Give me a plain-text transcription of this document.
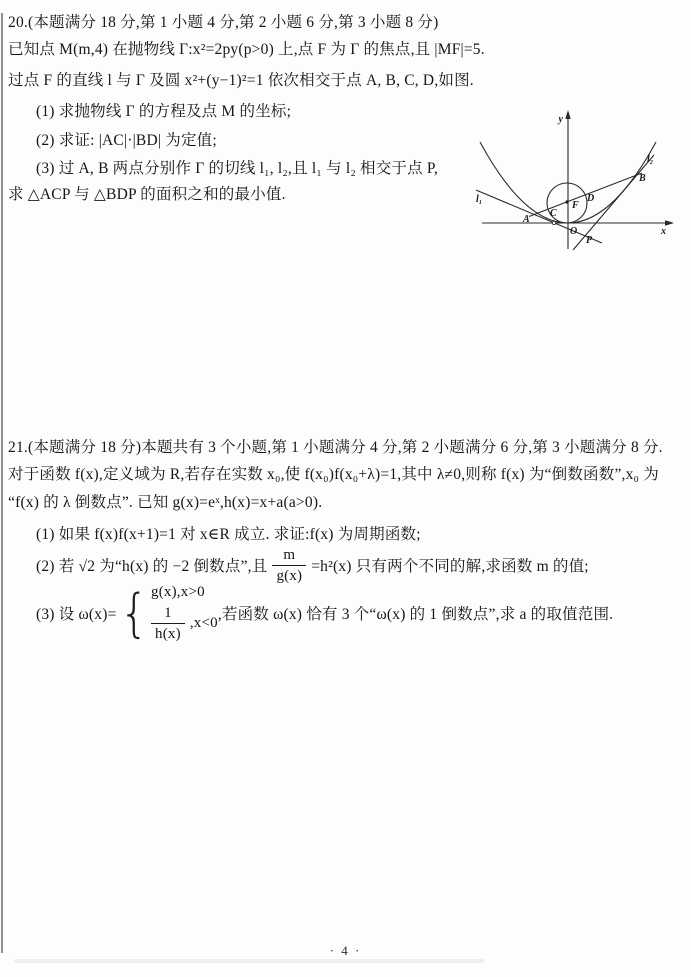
20.(本题满分 18 分,第 1 小题 4 分,第 2 小题 6 分,第 3 小题 8 分)
已知点 M(m,4) 在抛物线 Γ:x²=2py(p>0) 上,点 F 为 Γ 的焦点,且 |MF|=5.
过点 F 的直线 l 与 Γ 及圆 x²+(y−1)²=1 依次相交于点 A, B, C, D,如图.
(1) 求抛物线 Γ 的方程及点 M 的坐标;
(2) 求证: |AC|·|BD| 为定值;
(3) 过 A, B 两点分别作 Γ 的切线 l₁, l₂,且 l₁ 与 l₂ 相交于点 P,
求 △ACP 与 △BDP 的面积之和的最小值.
y
x
O
A
C
F
D
B
P
l₁
l₂
21.(本题满分 18 分)本题共有 3 个小题,第 1 小题满分 4 分,第 2 小题满分 6 分,第 3 小题满分 8 分.
对于函数 f(x),定义域为 R,若存在实数 x₀,使 f(x₀)f(x₀+λ)=1,其中 λ≠0,则称 f(x) 为“倒数函数”,x₀ 为
“f(x) 的 λ 倒数点”. 已知 g(x)=eˣ,h(x)=x+a(a>0).
(1) 如果 f(x)f(x+1)=1 对 x∈R 成立. 求证:f(x) 为周期函数;
(2) 若 √2 为“h(x) 的 −2 倒数点”,且 $\frac{m}{g(x)} =h^2(x)$ 只有两个不同的解,求函数 m 的值;
(3) 设 ω(x)= { g(x),x>0
$\frac{1}{h(x)} ,x<0$ ,若函数 ω(x) 恰有 3 个“ω(x) 的 1 倒数点”,求 a 的取值范围.
· 4 ·
